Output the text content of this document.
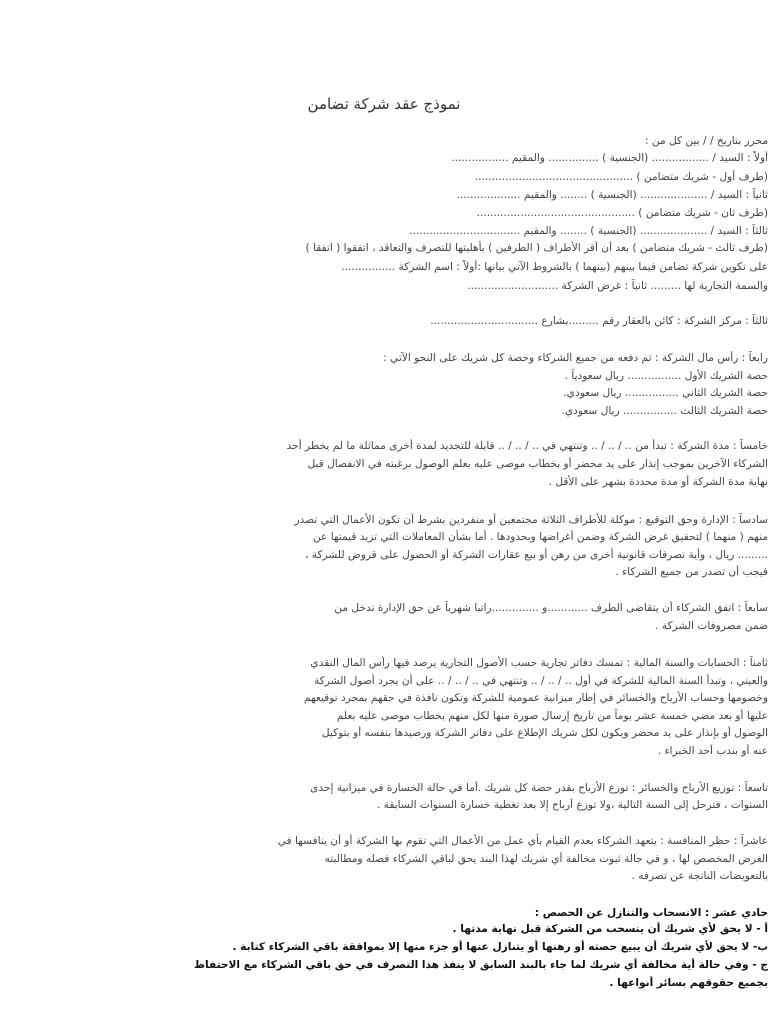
نموذج عقد شركة تضامن

محرر بتاريخ / / بين كل من :

أولاً : السيد / ................. (الجنسية ) ............... والمقيم .................

(طرف أول - شريك متضامن ) ...............................................

ثانياً : السيد / .................... (الجنسية ) ........ والمقيم ...................

(طرف ثان - شريك متضامن ) ...............................................

ثالثاً : السيد / .................... (الجنسية ) ........ والمقيم .................................

(طرف ثالث - شريك متضامن ) بعد أن أقر الأطراف ( الطرفين ) بأهليتها للتصرف والتعاقد ، اتفقوا ( اتفقا )

على تكوين شركة تضامن فيما بينهم (بينهما ) بالشروط الآتي بيانها :أولاً : اسم الشركة ................

والسمة التجارية لها ......... ثانياً : غرض الشركة ...........................

ثالثاً : مركز الشركة : كائن بالعقار رقم .........بشارع ................................

رابعاً : رأس مال الشركة : تم دفعه من جميع الشركاء وحصة كل شريك على النحو الآتي :

حصة الشريك الأول ................ ريال سعودياً .

حصة الشريك الثاني ................ ريال سعودي.

حصة الشريك الثالث ................ ريال سعودي.

خامساً : مدة الشركة : تبدأ من .. / .. / .. وتنتهي في .. / .. / .. قابلة للتجديد لمدة أخرى مماثلة ما لم يخطر أحد

الشركاء الآخرين بموجب إنذار على يد محضر أو بخطاب موصى عليه بعلم الوصول برغبته في الانفصال قبل

نهاية مدة الشركة أو مدة محددة بشهر على الأقل .

سادساً : الإدارة وحق التوقيع : موكلة للأطراف الثلاثة مجتمعين أو منفردين بشرط أن تكون الأعمال التي تصدر

منهم ( منهما ) لتحقيق غرض الشركة وضمن أغراضها وبحدودها . أما بشأن المعاملات التي تزيد قيمتها عن

......... ريال ، وأية تصرفات قانونية أخرى من رهن أو بيع عقارات الشركة أو الحصول على قروض للشركة ،

فيجب أن تصدر من جميع الشركاء .

سابعاً : اتفق الشركاء أن يتقاضى الطرف ............و ..............راتبا شهرياً عن حق الإدارة تدخل من

ضمن مصروفات الشركة .

ثامناً : الحسابات والسنة المالية : تمسك دفاتر تجارية حسب الأصول التجارية يرصد فيها رأس المال النقدي

والعيني ، وتبدأ السنة المالية للشركة في أول .. / .. / .. وتنتهي في .. / .. / .. على أن يجرد أصول الشركة

وخصومها وحساب الأرباح والخسائر في إطار ميزانية عمومية للشركة وتكون نافذة في حقهم بمجرد توقيعهم

عليها أو بعد مضي خمسة عشر يوماً من تاريخ إرسال صورة منها لكل منهم بخطاب موصى عليه بعلم

الوصول أو بإنذار على يد محضر ويكون لكل شريك الإطلاع على دفاتر الشركة ورصيدها بنفسه أو بتوكيل

عنه أو بندب أحد الخبراء .

تاسعاً : توزيع الأرباح والخسائر : توزع الأرباح بقدر حصة كل شريك .أما في حالة الخسارة في ميزانية إحدى

السنوات ، فترحل إلى السنة التالية ،ولا توزع أرباح إلا بعد تغطية خسارة السنوات السابقة .

عاشراً : حظر المنافسة : يتعهد الشركاء بعدم القيام بأي عمل من الأعمال التي تقوم بها الشركة أو أن ينافسها في

الغرض المخصص لها ، و في حالة ثبوت مخالفة أي شريك لهذا البند يحق لباقي الشركاء فصله ومطالبته

بالتعويضات الناتجة عن تصرفه .

حادي عشر : الانسحاب والتنازل عن الحصص :

أ - لا يحق لأي شريك أن ينسحب من الشركة قبل نهاية مدتها .

ب- لا يحق لأي شريك أن يبيع حصته أو رهنها أو يتنازل عنها أو جزء منها إلا بموافقة باقي الشركاء كتابة .

ج - وفي حالة أية مخالفة أي شريك لما جاء بالبند السابق لا ينفذ هذا التصرف في حق باقي الشركاء مع الاحتفاظ

بجميع حقوقهم بسائر أنواعها .
